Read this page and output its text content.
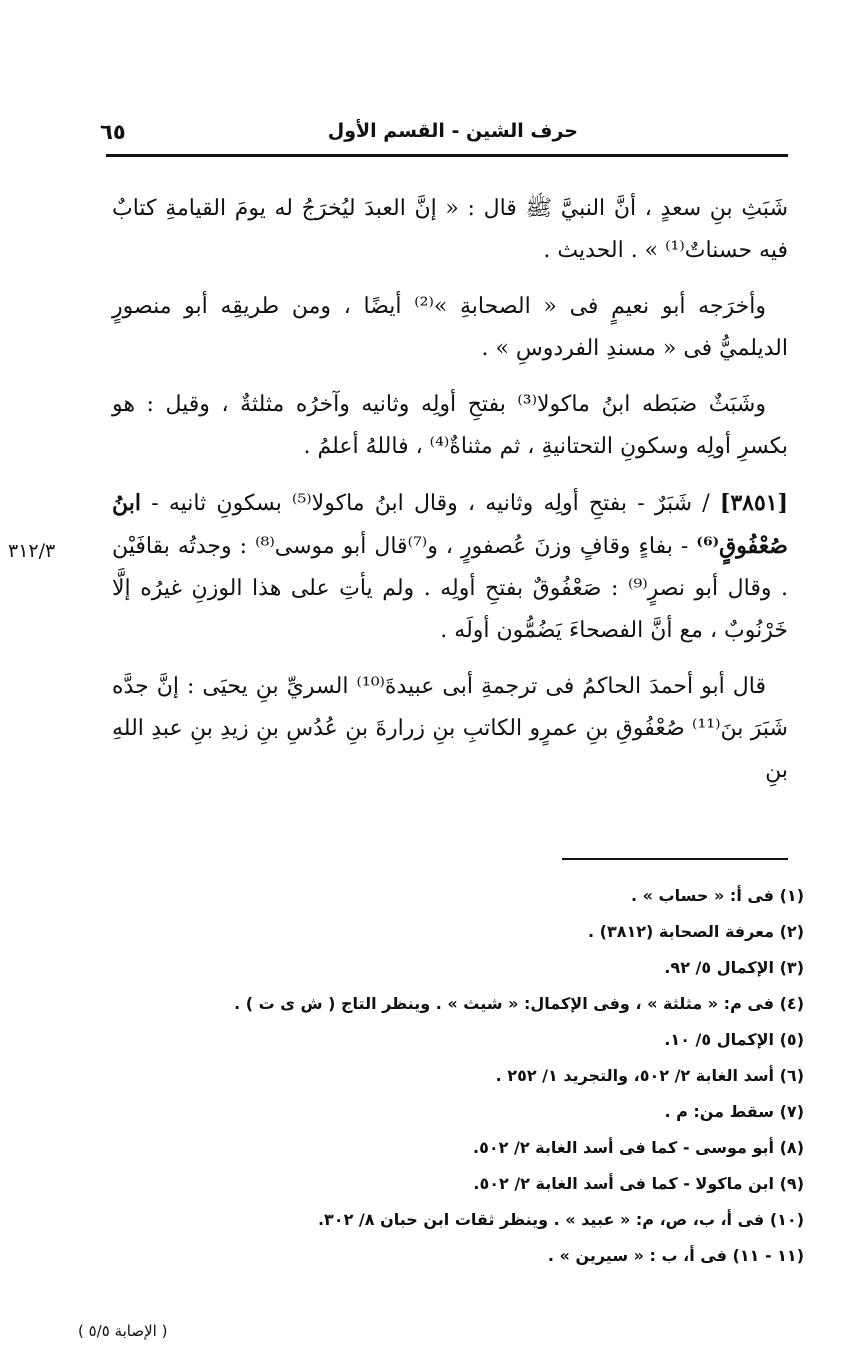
حرف الشين - القسم الأول
٦٥

شَبَثِ بنِ سعدٍ ، أنَّ النبيَّ ﷺ قال : « إنَّ العبدَ ليُخرَجُ له يومَ القيامةِ كتابٌ فيه حسناتٌ⁽¹⁾ » . الحديث .

وأخرَجه أبو نعيمٍ فى « الصحابةِ »⁽²⁾ أيضًا ، ومن طريقِه أبو منصورٍ الديلميُّ فى « مسندِ الفردوسِ » .

وشَبَثٌ ضبَطه ابنُ ماكولا⁽³⁾ بفتحِ أولِه وثانيه وآخرُه مثلثةٌ ، وقيل : هو بكسرِ أولِه وسكونِ التحتانيةِ ، ثم مثناةٌ⁽⁴⁾ ، فاللهُ أعلمُ .

[٣٨٥١] / شَبَرٌ - بفتحِ أولِه وثانيه ، وقال ابنُ ماكولا⁽⁵⁾ بسكونِ ثانيه - ابنُ صُعْفُوقٍ⁽⁶⁾ - بفاءٍ وقافٍ وزنَ عُصفورٍ ، و⁽⁷⁾قال أبو موسى⁽⁸⁾ : وجدتُه بقافَيْن . وقال أبو نصرٍ⁽⁹⁾ : صَعْفُوقٌ بفتحِ أولِه . ولم يأتِ على هذا الوزنِ غيرُه إلَّا خَرْنُوبٌ ، مع أنَّ الفصحاءَ يَضُمُّون أولَه .

قال أبو أحمدَ الحاكمُ فى ترجمةِ أبى عبيدةَ⁽¹⁰⁾ السريِّ بنِ يحيَى : إنَّ جدَّه شَبَرَ بنَ⁽¹¹⁾ صُعْفُوقِ بنِ عمرٍو الكاتبِ بنِ زرارةَ بنِ عُدُسِ بنِ زيدِ بنِ عبدِ اللهِ بنِ

٣١٢/٣
(١) فى أ: « حساب » .
(٢) معرفة الصحابة (٣٨١٢) .
(٣) الإكمال ٥/ ٩٢.
(٤) فى م: « مثلثة » ، وفى الإكمال: « شيث » . وينظر التاج ( ش ى ت ) .
(٥) الإكمال ٥/ ١٠.
(٦) أسد الغابة ٢/ ٥٠٢، والتجريد ١/ ٢٥٢ .
(٧) سقط من: م .
(٨) أبو موسى - كما فى أسد الغابة ٢/ ٥٠٢.
(٩) ابن ماكولا - كما فى أسد الغابة ٢/ ٥٠٢.
(١٠) فى أ، ب، ص، م: « عبيد » . وينظر ثقات ابن حبان ٨/ ٣٠٢.
(١١ - ١١) فى أ، ب : « سيرين » .
( الإصابة ٥/٥ )
